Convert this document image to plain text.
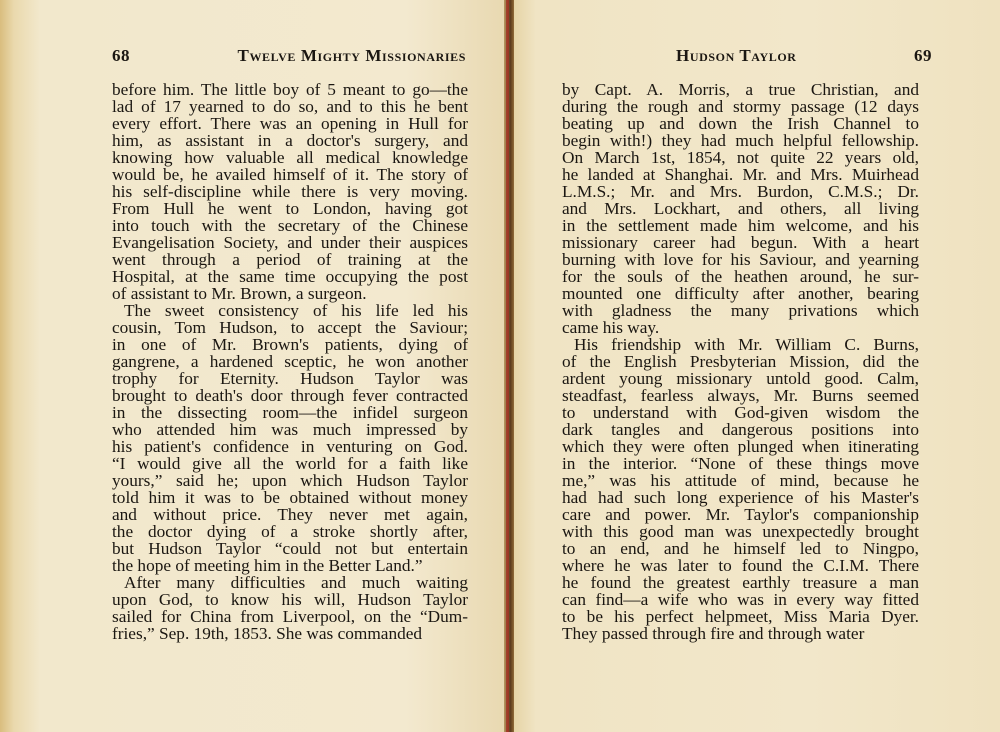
68	Twelve Mighty Missionaries
before him. The little boy of 5 meant to go—the
lad of 17 yearned to do so, and to this he bent
every effort. There was an opening in Hull for
him, as assistant in a doctor's surgery, and
knowing how valuable all medical knowledge
would be, he availed himself of it. The story of
his self-discipline while there is very moving.
From Hull he went to London, having got
into touch with the secretary of the Chinese
Evangelisation Society, and under their auspices
went through a period of training at the
Hospital, at the same time occupying the post
of assistant to Mr. Brown, a surgeon.
The sweet consistency of his life led his
cousin, Tom Hudson, to accept the Saviour;
in one of Mr. Brown's patients, dying of
gangrene, a hardened sceptic, he won another
trophy for Eternity. Hudson Taylor was
brought to death's door through fever contracted
in the dissecting room—the infidel surgeon
who attended him was much impressed by
his patient's confidence in venturing on God.
“I would give all the world for a faith like
yours,” said he; upon which Hudson Taylor
told him it was to be obtained without money
and without price. They never met again,
the doctor dying of a stroke shortly after,
but Hudson Taylor “could not but entertain
the hope of meeting him in the Better Land.”
After many difficulties and much waiting
upon God, to know his will, Hudson Taylor
sailed for China from Liverpool, on the “Dum-
fries,” Sep. 19th, 1853. She was commanded
Hudson Taylor	69
by Capt. A. Morris, a true Christian, and
during the rough and stormy passage (12 days
beating up and down the Irish Channel to
begin with!) they had much helpful fellowship.
On March 1st, 1854, not quite 22 years old,
he landed at Shanghai. Mr. and Mrs. Muirhead
L.M.S.; Mr. and Mrs. Burdon, C.M.S.; Dr.
and Mrs. Lockhart, and others, all living
in the settlement made him welcome, and his
missionary career had begun. With a heart
burning with love for his Saviour, and yearning
for the souls of the heathen around, he sur-
mounted one difficulty after another, bearing
with gladness the many privations which
came his way.
His friendship with Mr. William C. Burns,
of the English Presbyterian Mission, did the
ardent young missionary untold good. Calm,
steadfast, fearless always, Mr. Burns seemed
to understand with God-given wisdom the
dark tangles and dangerous positions into
which they were often plunged when itinerating
in the interior. “None of these things move
me,” was his attitude of mind, because he
had had such long experience of his Master's
care and power. Mr. Taylor's companionship
with this good man was unexpectedly brought
to an end, and he himself led to Ningpo,
where he was later to found the C.I.M. There
he found the greatest earthly treasure a man
can find—a wife who was in every way fitted
to be his perfect helpmeet, Miss Maria Dyer.
They passed through fire and through water
